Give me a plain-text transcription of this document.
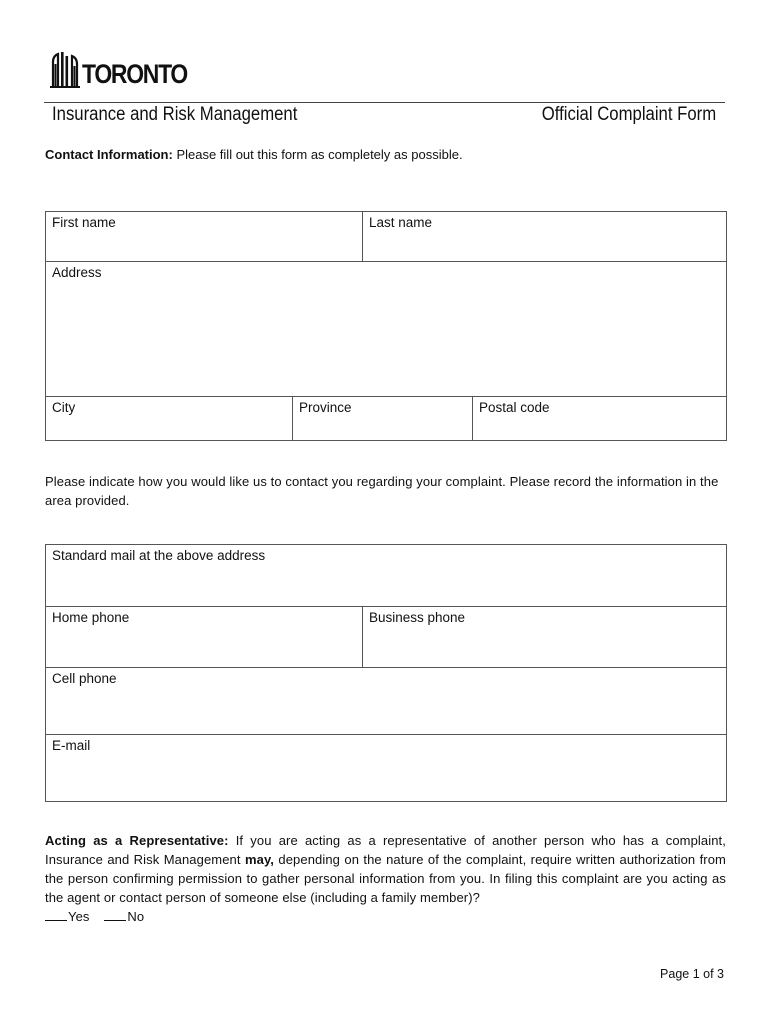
TORONTO
Insurance and Risk Management	Official Complaint Form
Contact Information: Please fill out this form as completely as possible.
First name		Last name	
Address			
City	Province		Postal code
Please indicate how you would like us to contact you regarding your complaint. Please record the information in the area provided.
Standard mail at the above address
Home phone	Business phone
Cell phone
E-mail
Acting as a Representative: If you are acting as a representative of another person who has a complaint, Insurance and Risk Management may, depending on the nature of the complaint, require written authorization from the person confirming permission to gather personal information from you. In filing this complaint are you acting as the agent or contact person of someone else (including a family member)?
Yes	No
Page 1 of 3
